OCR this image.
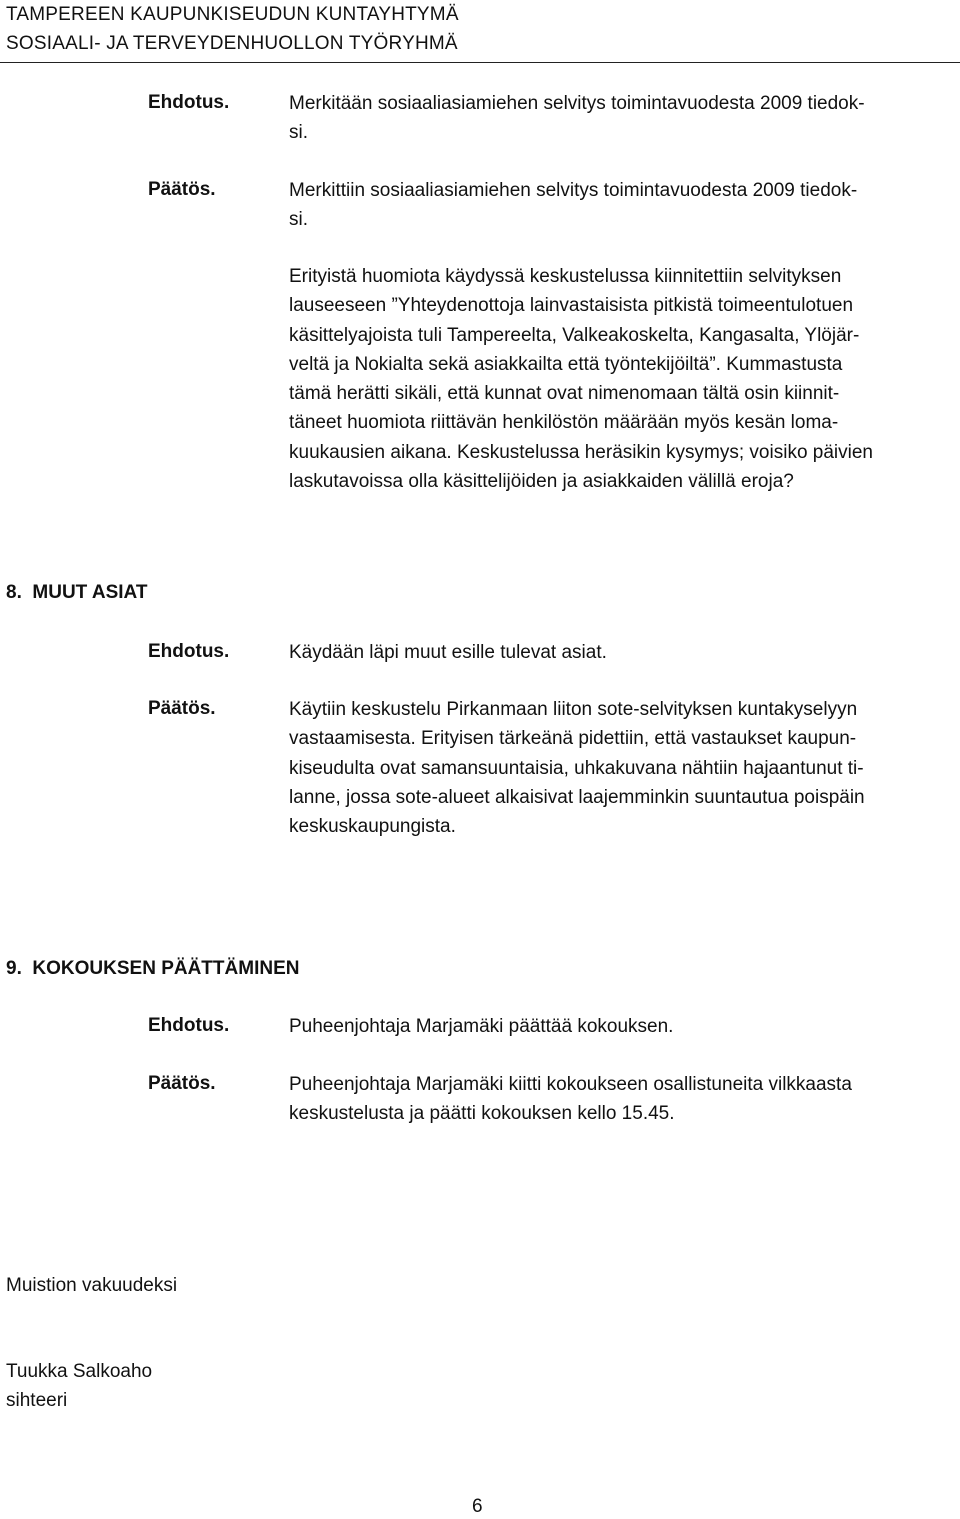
TAMPEREEN KAUPUNKISEUDUN KUNTAYHTYMÄ
SOSIAALI- JA TERVEYDENHUOLLON TYÖRYHMÄ
Ehdotus.	Merkitään sosiaaliasiamiehen selvitys toimintavuodesta 2009 tiedok-
si.
Päätös.	Merkittiin sosiaaliasiamiehen selvitys toimintavuodesta 2009 tiedok-
si.
Erityistä huomiota käydyssä keskustelussa kiinnitettiin selvityksen
lauseeseen ”Yhteydenottoja lainvastaisista pitkistä toimeentulotuen
käsittelyajoista tuli Tampereelta, Valkeakoskelta, Kangasalta, Ylöjär-
veltä ja Nokialta sekä asiakkailta että työntekijöiltä”. Kummastusta
tämä herätti sikäli, että kunnat ovat nimenomaan tältä osin kiinnit-
täneet huomiota riittävän henkilöstön määrään myös kesän loma-
kuukausien aikana. Keskustelussa heräsikin kysymys; voisiko päivien
laskutavoissa olla käsittelijöiden ja asiakkaiden välillä eroja?
8.  MUUT ASIAT
Ehdotus.	Käydään läpi muut esille tulevat asiat.
Päätös.	Käytiin keskustelu Pirkanmaan liiton sote-selvityksen kuntakyselyyn
vastaamisesta. Erityisen tärkeänä pidettiin, että vastaukset kaupun-
kiseudulta ovat samansuuntaisia, uhkakuvana nähtiin hajaantunut ti-
lanne, jossa sote-alueet alkaisivat laajemminkin suuntautua poispäin
keskuskaupungista.
9.  KOKOUKSEN PÄÄTTÄMINEN
Ehdotus.	Puheenjohtaja Marjamäki päättää kokouksen.
Päätös.	Puheenjohtaja Marjamäki kiitti kokoukseen osallistuneita vilkkaasta
keskustelusta ja päätti kokouksen kello 15.45.
Muistion vakuudeksi
Tuukka Salkoaho
sihteeri
6
